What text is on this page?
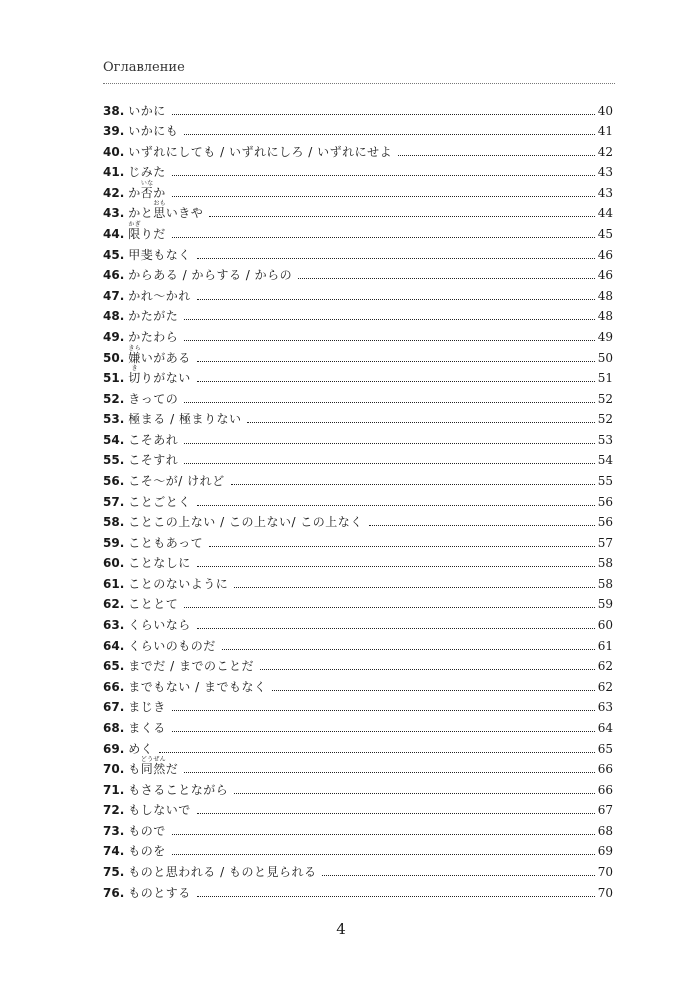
Оглавление
38. いかに	40
39. いかにも	41
40. いずれにしても / いずれにしろ / いずれにせよ	42
41. じみた	43
42. か否いなか	43
43. かと思おもいきや	44
44. 限かぎりだ	45
45. 甲斐もなく	46
46. からある / からする / からの	46
47. かれ～かれ	48
48. かたがた	48
49. かたわら	49
50. 嫌きらいがある	50
51. 切きりがない	51
52. きっての	52
53. 極まる / 極まりない	52
54. こそあれ	53
55. こそすれ	54
56. こそ～が/ けれど	55
57. ことごとく	56
58. ことこの上ない / この上ない/ この上なく	56
59. こともあって	57
60. ことなしに	58
61. ことのないように	58
62. こととて	59
63. くらいなら	60
64. くらいのものだ	61
65. までだ / までのことだ	62
66. までもない / までもなく	62
67. まじき	63
68. まくる	64
69. めく	65
70. も同然どうぜんだ	66
71. もさることながら	66
72. もしないで	67
73. もので	68
74. ものを	69
75. ものと思われる / ものと見られる	70
76. ものとする	70
4
